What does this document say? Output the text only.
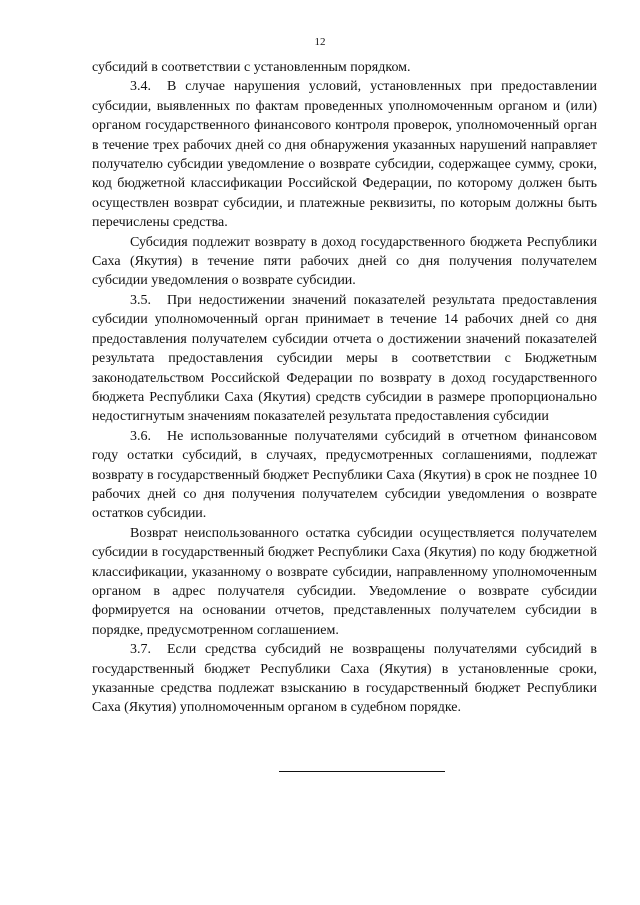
12

субсидий в соответствии с установленным порядком.

3.4. В случае нарушения условий, установленных при предоставлении субсидии, выявленных по фактам проведенных уполномоченным органом и (или) органом государственного финансового контроля проверок, уполномоченный орган в течение трех рабочих дней со дня обнаружения указанных нарушений направляет получателю субсидии уведомление о возврате субсидии, содержащее сумму, сроки, код бюджетной классификации Российской Федерации, по которому должен быть осуществлен возврат субсидии, и платежные реквизиты, по которым должны быть перечислены средства.

Субсидия подлежит возврату в доход государственного бюджета Республики Саха (Якутия) в течение пяти рабочих дней со дня получения получателем субсидии уведомления о возврате субсидии.

3.5. При недостижении значений показателей результата предоставления субсидии уполномоченный орган принимает в течение 14 рабочих дней со дня предоставления получателем субсидии отчета о достижении значений показателей результата предоставления субсидии меры в соответствии с Бюджетным законодательством Российской Федерации по возврату в доход государственного бюджета Республики Саха (Якутия) средств субсидии в размере пропорционально недостигнутым значениям показателей результата предоставления субсидии

3.6. Не использованные получателями субсидий в отчетном финансовом году остатки субсидий, в случаях, предусмотренных соглашениями, подлежат возврату в государственный бюджет Республики Саха (Якутия) в срок не позднее 10 рабочих дней со дня получения получателем субсидии уведомления о возврате остатков субсидии.

Возврат неиспользованного остатка субсидии осуществляется получателем субсидии в государственный бюджет Республики Саха (Якутия) по коду бюджетной классификации, указанному о возврате субсидии, направленному уполномоченным органом в адрес получателя субсидии. Уведомление о возврате субсидии формируется на основании отчетов, представленных получателем субсидии в порядке, предусмотренном соглашением.

3.7. Если средства субсидий не возвращены получателями субсидий в государственный бюджет Республики Саха (Якутия) в установленные сроки, указанные средства подлежат взысканию в государственный бюджет Республики Саха (Якутия) уполномоченным органом в судебном порядке.
